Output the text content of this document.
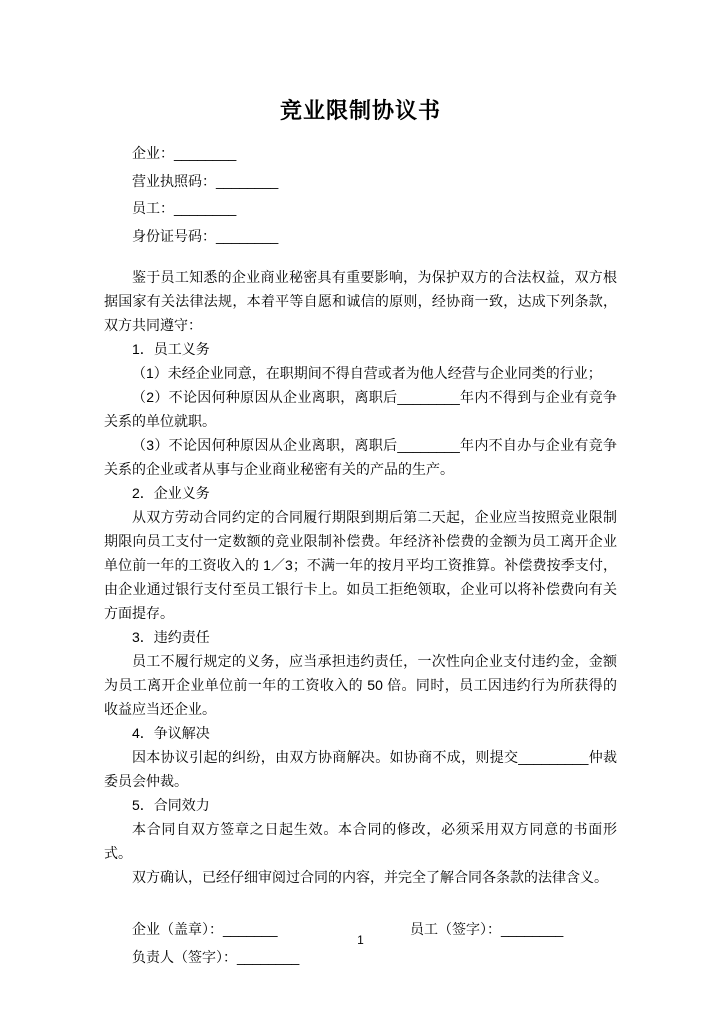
竞业限制协议书
企业：________
营业执照码：________
员工：________
身份证号码：________

鉴于员工知悉的企业商业秘密具有重要影响，为保护双方的合法权益，双方根据国家有关法律法规，本着平等自愿和诚信的原则，经协商一致，达成下列条款，双方共同遵守：

1．员工义务

（1）未经企业同意，在职期间不得自营或者为他人经营与企业同类的行业；

（2）不论因何种原因从企业离职，离职后________年内不得到与企业有竞争关系的单位就职。

（3）不论因何种原因从企业离职，离职后________年内不自办与企业有竞争关系的企业或者从事与企业商业秘密有关的产品的生产。

2．企业义务

从双方劳动合同约定的合同履行期限到期后第二天起，企业应当按照竞业限制期限向员工支付一定数额的竞业限制补偿费。年经济补偿费的金额为员工离开企业单位前一年的工资收入的 1／3；不满一年的按月平均工资推算。补偿费按季支付，由企业通过银行支付至员工银行卡上。如员工拒绝领取，企业可以将补偿费向有关方面提存。

3．违约责任

员工不履行规定的义务，应当承担违约责任，一次性向企业支付违约金，金额为员工离开企业单位前一年的工资收入的 50 倍。同时，员工因违约行为所获得的收益应当还企业。

4．争议解决

因本协议引起的纠纷，由双方协商解决。如协商不成，则提交_________仲裁委员会仲裁。

5．合同效力

本合同自双方签章之日起生效。本合同的修改，必须采用双方同意的书面形式。

双方确认，已经仔细审阅过合同的内容，并完全了解合同各条款的法律含义。

企业（盖章）：_______	员工（签字）：________
负责人（签字）：________
1
